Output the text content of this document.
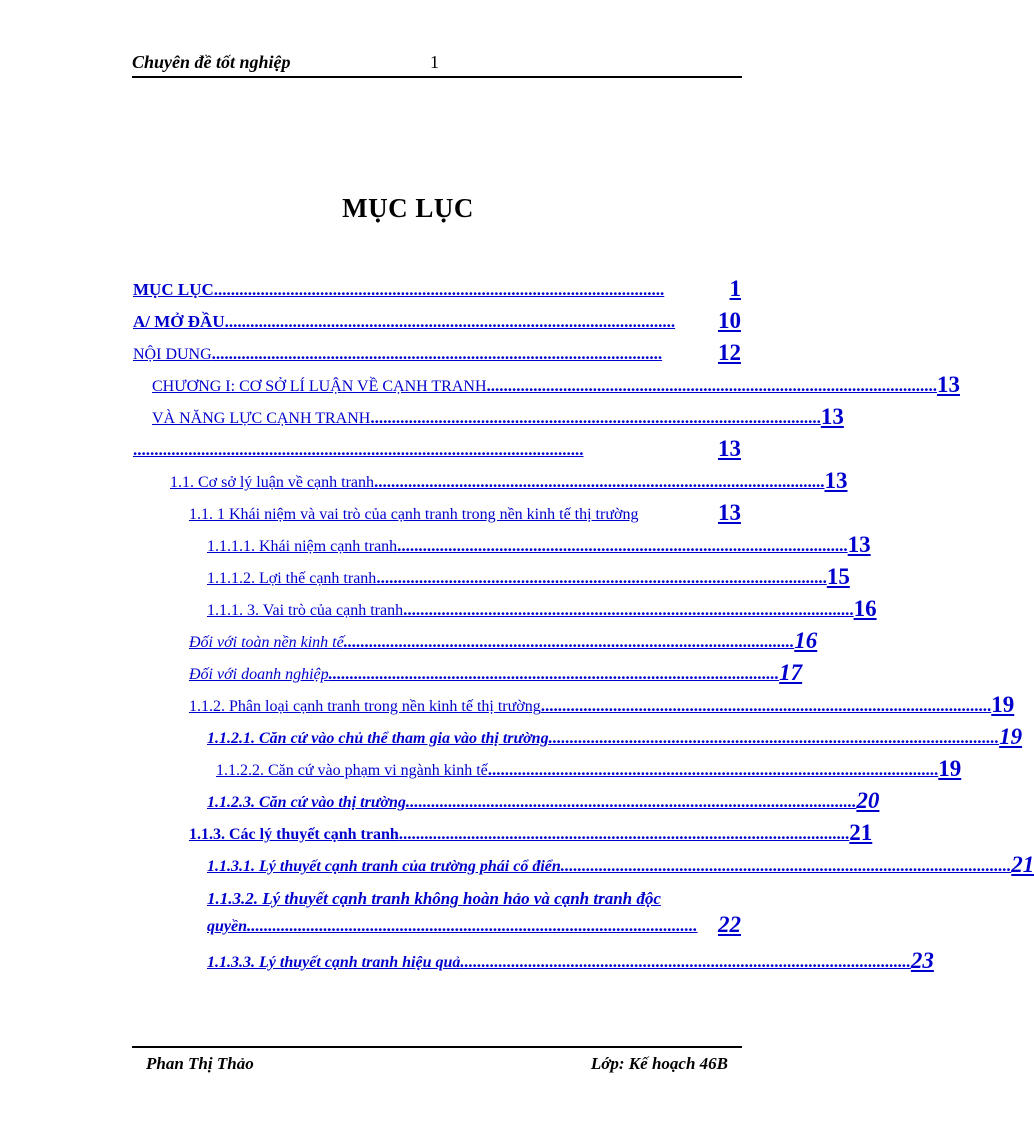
Chuyên đề tốt nghiệp	1
MỤC LỤC
MỤC LỤC ..........................................................................................................	1
A/ MỞ ĐẦU ..........................................................................................................	10
NỘI DUNG ..........................................................................................................	12
CHƯƠNG I: CƠ SỞ LÍ LUẬN VỀ CẠNH TRANH .......................................................................................................... 13
VÀ NĂNG LỰC CẠNH TRANH .......................................................................................................... 13
..........................................................................................................	13
1.1. Cơ sở lý luận về cạnh tranh .......................................................................................................... 13
1.1. 1 Khái niệm và vai trò của cạnh tranh trong nền kinh tế thị trường	13
1.1.1.1. Khái niệm cạnh tranh .......................................................................................................... 13
1.1.1.2. Lợi thế cạnh tranh .......................................................................................................... 15
1.1.1. 3. Vai trò của cạnh tranh .......................................................................................................... 16
Đối với toàn nền kinh tế .......................................................................................................... 16
Đối với doanh nghiệp .......................................................................................................... 17
1.1.2. Phân loại cạnh tranh trong nền kinh tế thị trường .......................................................................................................... 19
1.1.2.1. Căn cứ vào chủ thể tham gia vào thị trường .......................................................................................................... 19
1.1.2.2. Căn cứ vào phạm vi ngành kinh tế .......................................................................................................... 19
1.1.2.3. Căn cứ vào thị trường .......................................................................................................... 20
1.1.3. Các lý thuyết cạnh tranh .......................................................................................................... 21
1.1.3.1. Lý thuyết cạnh tranh của trường phái cổ điển .......................................................................................................... 21
1.1.3.2. Lý thuyết cạnh tranh không hoàn hảo và cạnh tranh độc
quyền .......................................................................................................... 22
1.1.3.3. Lý thuyết cạnh tranh hiệu quả .......................................................................................................... 23
Phan Thị Thảo	Lớp: Kế hoạch 46B
